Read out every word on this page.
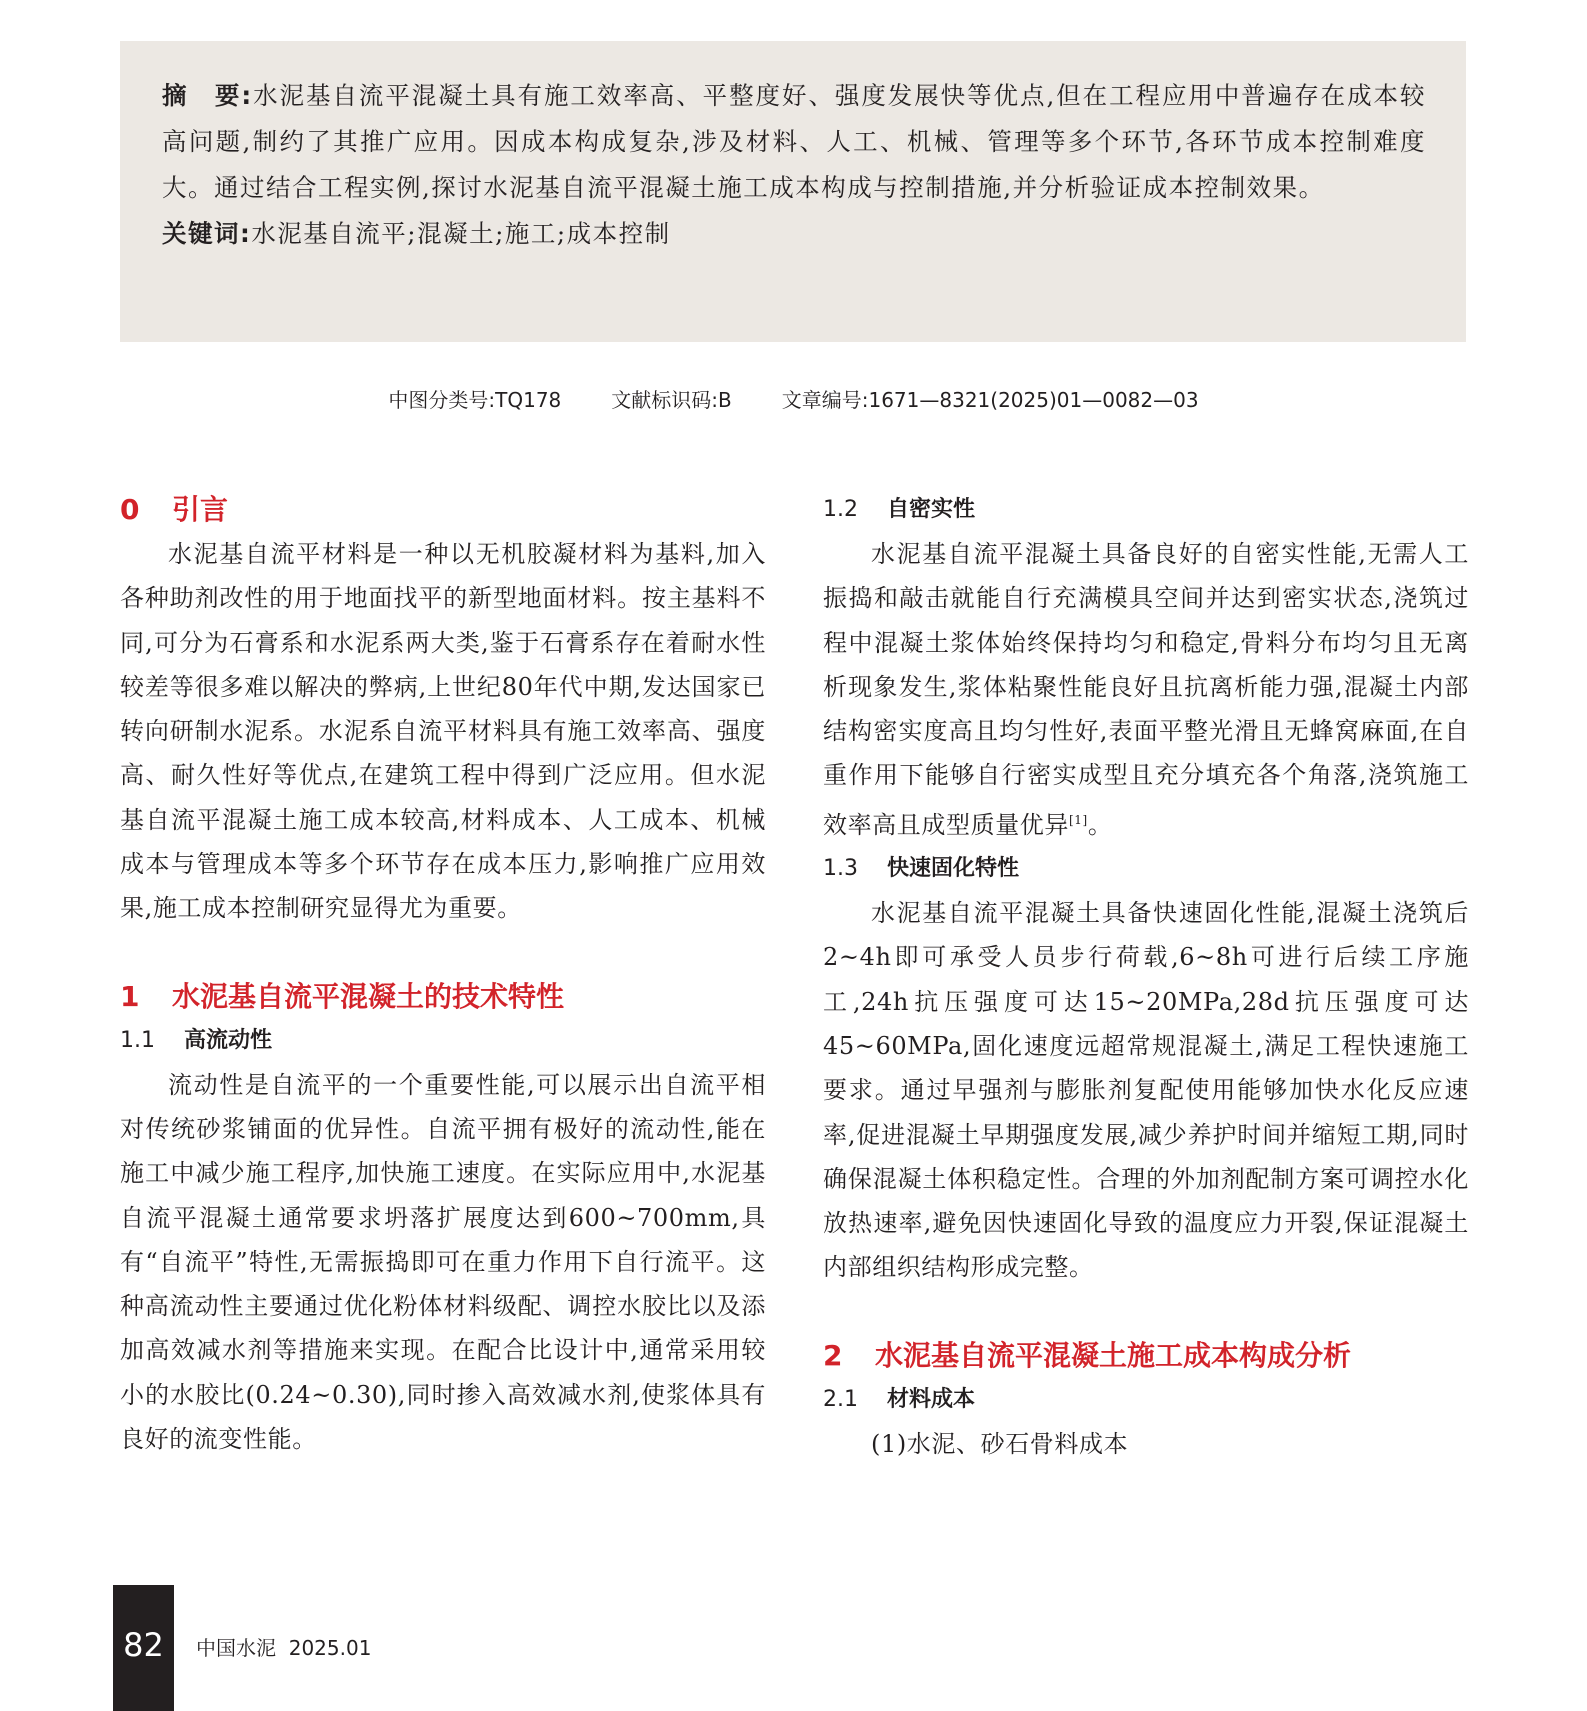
摘　要:水泥基自流平混凝土具有施工效率高、平整度好、强度发展快等优点,但在工程应用中普遍存在成本较高问题,制约了其推广应用。因成本构成复杂,涉及材料、人工、机械、管理等多个环节,各环节成本控制难度大。通过结合工程实例,探讨水泥基自流平混凝土施工成本构成与控制措施,并分析验证成本控制效果。

关键词:水泥基自流平;混凝土;施工;成本控制

中图分类号:TQ178	文献标识码:B	文章编号:1671—8321(2025)01—0082—03
0 引言

水泥基自流平材料是一种以无机胶凝材料为基料,加入各种助剂改性的用于地面找平的新型地面材料。按主基料不同,可分为石膏系和水泥系两大类,鉴于石膏系存在着耐水性较差等很多难以解决的弊病,上世纪80年代中期,发达国家已转向研制水泥系。水泥系自流平材料具有施工效率高、强度高、耐久性好等优点,在建筑工程中得到广泛应用。但水泥基自流平混凝土施工成本较高,材料成本、人工成本、机械成本与管理成本等多个环节存在成本压力,影响推广应用效果,施工成本控制研究显得尤为重要。

1 水泥基自流平混凝土的技术特性
1.1 高流动性

流动性是自流平的一个重要性能,可以展示出自流平相对传统砂浆铺面的优异性。自流平拥有极好的流动性,能在施工中减少施工程序,加快施工速度。在实际应用中,水泥基自流平混凝土通常要求坍落扩展度达到600~700mm,具有“自流平”特性,无需振捣即可在重力作用下自行流平。这种高流动性主要通过优化粉体材料级配、调控水胶比以及添加高效减水剂等措施来实现。在配合比设计中,通常采用较小的水胶比(0.24~0.30),同时掺入高效减水剂,使浆体具有良好的流变性能。

1.2 自密实性

水泥基自流平混凝土具备良好的自密实性能,无需人工振捣和敲击就能自行充满模具空间并达到密实状态,浇筑过程中混凝土浆体始终保持均匀和稳定,骨料分布均匀且无离析现象发生,浆体粘聚性能良好且抗离析能力强,混凝土内部结构密实度高且均匀性好,表面平整光滑且无蜂窝麻面,在自重作用下能够自行密实成型且充分填充各个角落,浇筑施工效率高且成型质量优异[1]。

1.3 快速固化特性

水泥基自流平混凝土具备快速固化性能,混凝土浇筑后2~4h即可承受人员步行荷载,6~8h可进行后续工序施工,24h抗压强度可达15~20MPa,28d抗压强度可达45~60MPa,固化速度远超常规混凝土,满足工程快速施工要求。通过早强剂与膨胀剂复配使用能够加快水化反应速率,促进混凝土早期强度发展,减少养护时间并缩短工期,同时确保混凝土体积稳定性。合理的外加剂配制方案可调控水化放热速率,避免因快速固化导致的温度应力开裂,保证混凝土内部组织结构形成完整。

2 水泥基自流平混凝土施工成本构成分析
2.1 材料成本

(1)水泥、砂石骨料成本

82	中国水泥  2025.01
